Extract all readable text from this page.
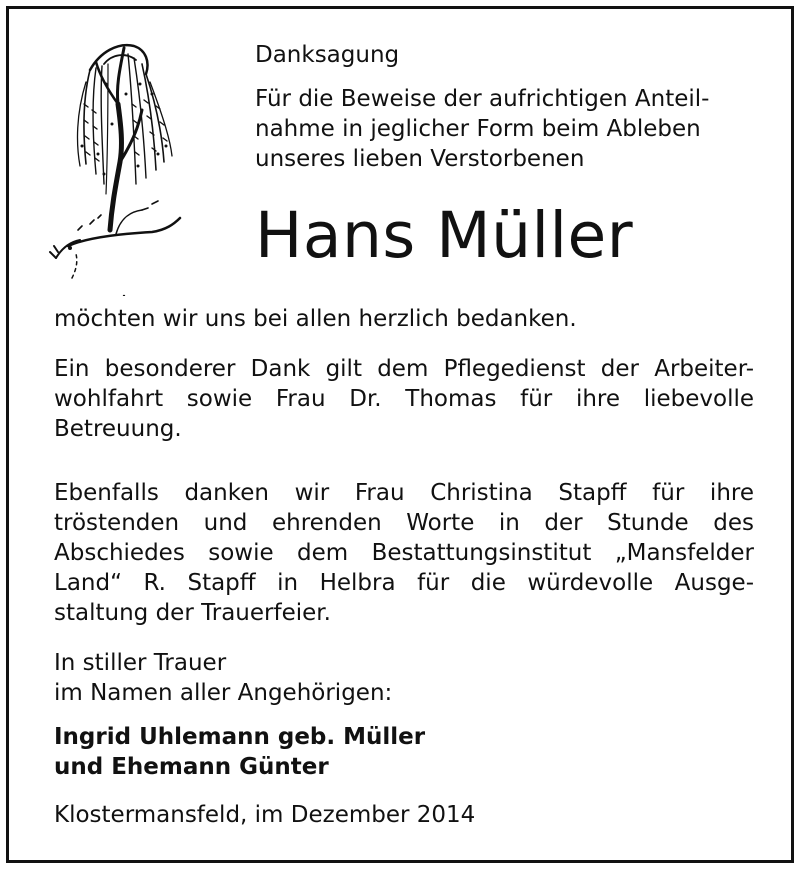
Danksagung
Für die Beweise der aufrichtigen Anteil-
nahme in jeglicher Form beim Ableben
unseres lieben Verstorbenen
Hans Müller

möchten wir uns bei allen herzlich bedanken.

Ein besonderer Dank gilt dem Pflegedienst der Arbeiter-
wohlfahrt sowie Frau Dr. Thomas für ihre liebevolle
Betreuung.

Ebenfalls danken wir Frau Christina Stapff für ihre
tröstenden und ehrenden Worte in der Stunde des
Abschiedes sowie dem Bestattungsinstitut „Mansfelder
Land“ R. Stapff in Helbra für die würdevolle Ausge-
staltung der Trauerfeier.

In stiller Trauer
im Namen aller Angehörigen:

Ingrid Uhlemann geb. Müller
und Ehemann Günter

Klostermansfeld, im Dezember 2014
